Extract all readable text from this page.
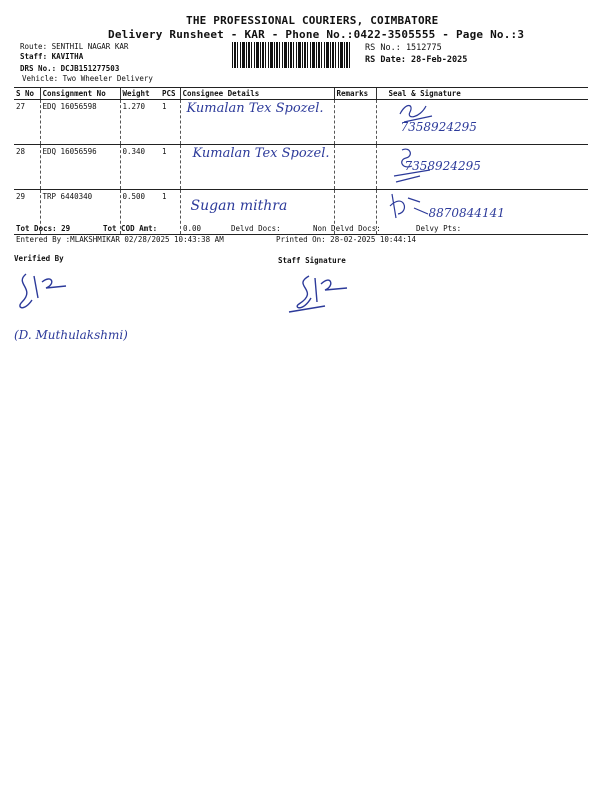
THE PROFESSIONAL COURIERS, COIMBATORE
Delivery Runsheet - KAR - Phone No.:0422-3505555 - Page No.:3
Route: SENTHIL NAGAR KAR
Staff: KAVITHA
DRS No.: DCJB151277503
Vehicle: Two Wheeler Delivery
RS No.: 1512775
RS Date: 28-Feb-2025
S No	Consignment No	Weight	PCS	Consignee Details	Remarks	Seal & Signature
27	EDQ 16056598	1.270	1	Kumalan Tex Spozel.		7358924295

28	EDQ 16056596	0.340	1	Kumalan Tex Spozel.		7358924295

29	TRP 6440340	0.500	1	Sugan mithra		8870844141
Tot Docs: 29	Tot COD Amt:	0.00	Delvd Docs:	Non Delvd Docs:	Delvy Pts:
Entered By :MLAKSHMIKAR 02/28/2025 10:43:38 AM	Printed On: 28-02-2025 10:44:14
Verified By	Staff Signature
(D. Muthulakshmi)
